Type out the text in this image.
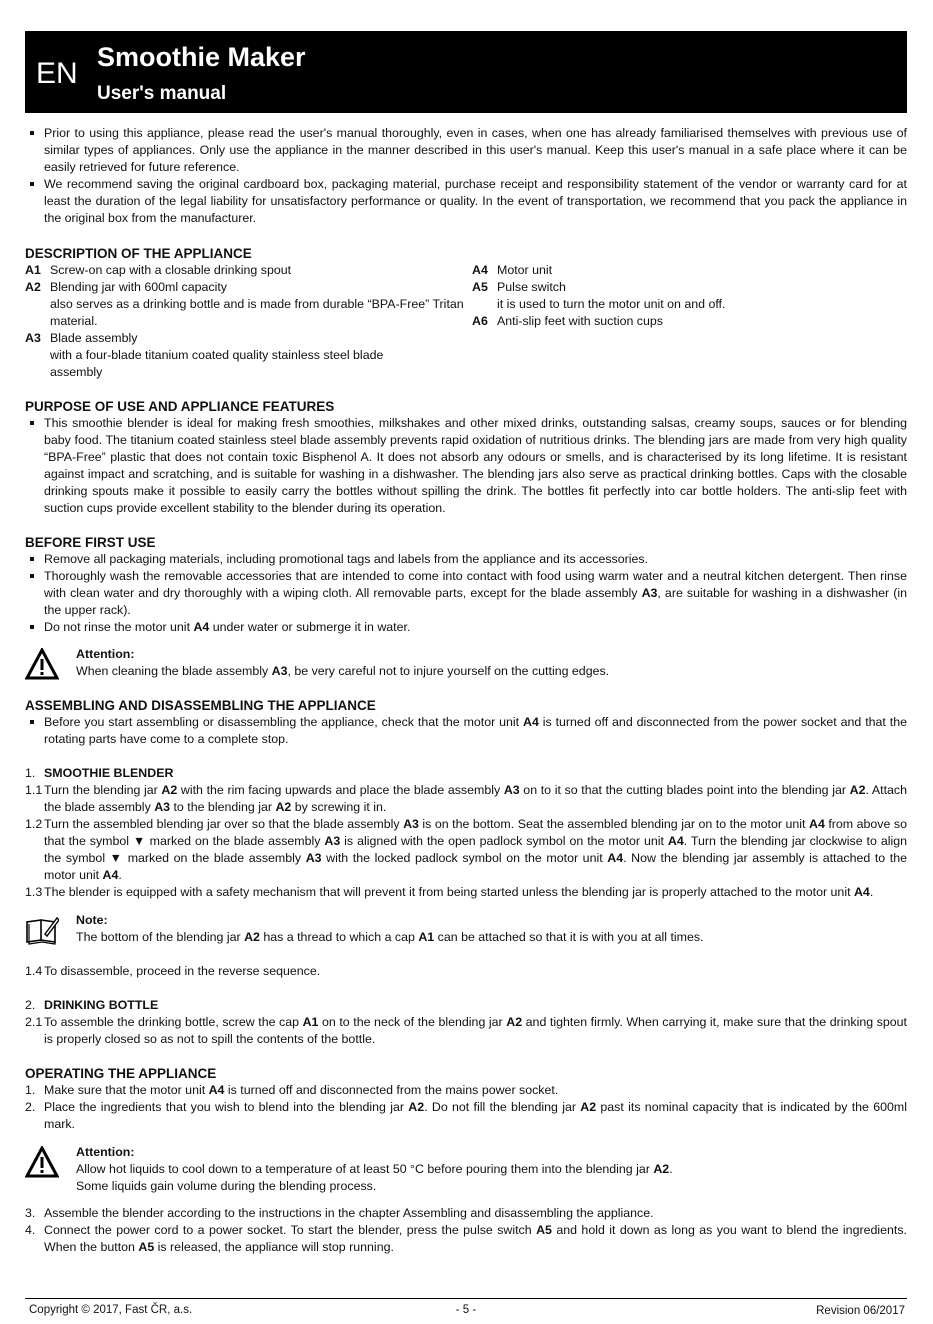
EN Smoothie Maker
User's manual
Prior to using this appliance, please read the user's manual thoroughly, even in cases, when one has already familiarised themselves with previous use of similar types of appliances. Only use the appliance in the manner described in this user's manual. Keep this user's manual in a safe place where it can be easily retrieved for future reference.
We recommend saving the original cardboard box, packaging material, purchase receipt and responsibility statement of the vendor or warranty card for at least the duration of the legal liability for unsatisfactory performance or quality. In the event of transportation, we recommend that you pack the appliance in the original box from the manufacturer.
DESCRIPTION OF THE APPLIANCE
A1 Screw-on cap with a closable drinking spout
A2 Blending jar with 600ml capacity
also serves as a drinking bottle and is made from durable “BPA-Free” Tritan material.
A3 Blade assembly
with a four-blade titanium coated quality stainless steel blade assembly
A4 Motor unit
A5 Pulse switch
it is used to turn the motor unit on and off.
A6 Anti-slip feet with suction cups
PURPOSE OF USE AND APPLIANCE FEATURES
This smoothie blender is ideal for making fresh smoothies, milkshakes and other mixed drinks, outstanding salsas, creamy soups, sauces or for blending baby food. The titanium coated stainless steel blade assembly prevents rapid oxidation of nutritious drinks. The blending jars are made from very high quality “BPA-Free” plastic that does not contain toxic Bisphenol A. It does not absorb any odours or smells, and is characterised by its long lifetime. It is resistant against impact and scratching, and is suitable for washing in a dishwasher. The blending jars also serve as practical drinking bottles. Caps with the closable drinking spouts make it possible to easily carry the bottles without spilling the drink. The bottles fit perfectly into car bottle holders. The anti-slip feet with suction cups provide excellent stability to the blender during its operation.
BEFORE FIRST USE
Remove all packaging materials, including promotional tags and labels from the appliance and its accessories.
Thoroughly wash the removable accessories that are intended to come into contact with food using warm water and a neutral kitchen detergent. Then rinse with clean water and dry thoroughly with a wiping cloth. All removable parts, except for the blade assembly A3, are suitable for washing in a dishwasher (in the upper rack).
Do not rinse the motor unit A4 under water or submerge it in water.
Attention:
When cleaning the blade assembly A3, be very careful not to injure yourself on the cutting edges.
ASSEMBLING AND DISASSEMBLING THE APPLIANCE
Before you start assembling or disassembling the appliance, check that the motor unit A4 is turned off and disconnected from the power socket and that the rotating parts have come to a complete stop.
1. SMOOTHIE BLENDER
1.1 Turn the blending jar A2 with the rim facing upwards and place the blade assembly A3 on to it so that the cutting blades point into the blending jar A2. Attach the blade assembly A3 to the blending jar A2 by screwing it in.
1.2 Turn the assembled blending jar over so that the blade assembly A3 is on the bottom. Seat the assembled blending jar on to the motor unit A4 from above so that the symbol ▼ marked on the blade assembly A3 is aligned with the open padlock symbol on the motor unit A4. Turn the blending jar clockwise to align the symbol ▼ marked on the blade assembly A3 with the locked padlock symbol on the motor unit A4. Now the blending jar assembly is attached to the motor unit A4.
1.3 The blender is equipped with a safety mechanism that will prevent it from being started unless the blending jar is properly attached to the motor unit A4.
Note:
The bottom of the blending jar A2 has a thread to which a cap A1 can be attached so that it is with you at all times.
1.4 To disassemble, proceed in the reverse sequence.
2. DRINKING BOTTLE
2.1 To assemble the drinking bottle, screw the cap A1 on to the neck of the blending jar A2 and tighten firmly. When carrying it, make sure that the drinking spout is properly closed so as not to spill the contents of the bottle.
OPERATING THE APPLIANCE
1. Make sure that the motor unit A4 is turned off and disconnected from the mains power socket.
2. Place the ingredients that you wish to blend into the blending jar A2. Do not fill the blending jar A2 past its nominal capacity that is indicated by the 600ml mark.
Attention:
Allow hot liquids to cool down to a temperature of at least 50 °C before pouring them into the blending jar A2.
Some liquids gain volume during the blending process.
3. Assemble the blender according to the instructions in the chapter Assembling and disassembling the appliance.
4. Connect the power cord to a power socket. To start the blender, press the pulse switch A5 and hold it down as long as you want to blend the ingredients. When the button A5 is released, the appliance will stop running.
- 5 -
Copyright © 2017, Fast ČR, a.s.	Revision 06/2017
